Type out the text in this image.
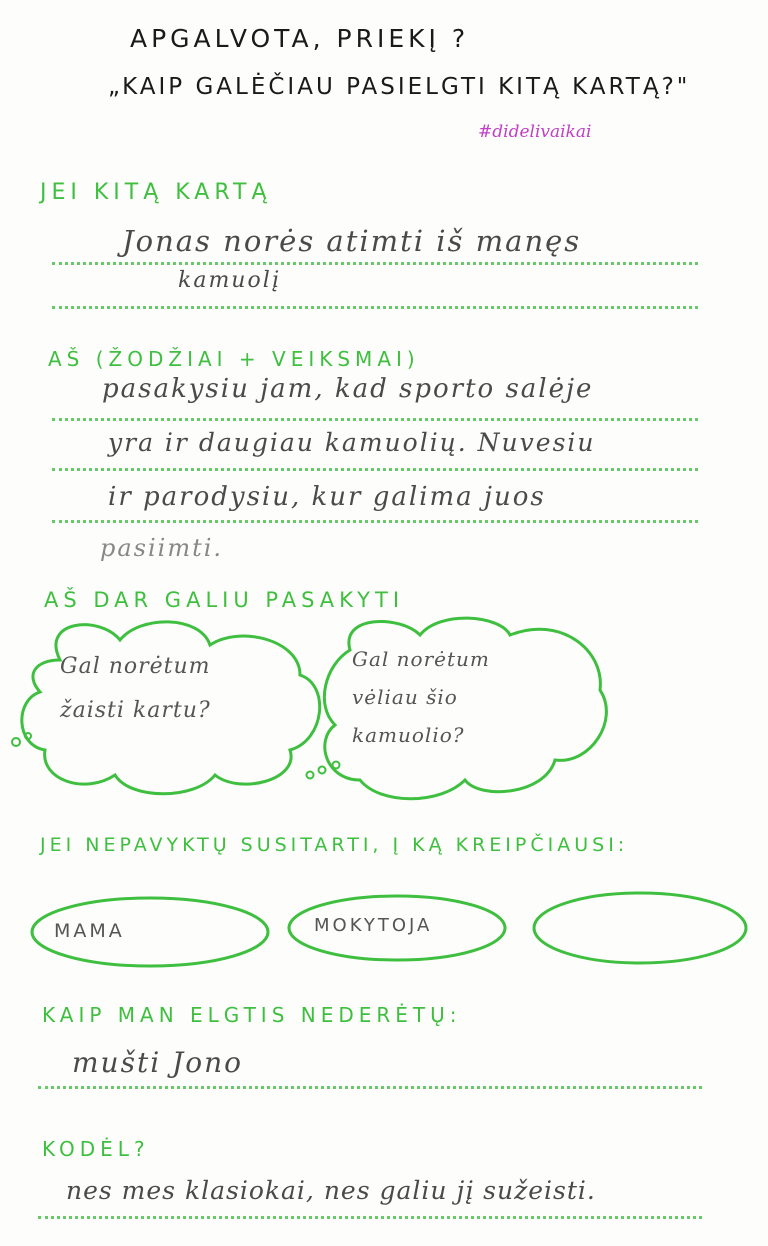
APGALVOTA, PRIEKĮ ?
„KAIP GALĖČIAU PASIELGTI KITĄ KARTĄ?"
#didelivaikai
JEI KITĄ KARTĄ
Jonas norės atimti iš manęs
kamuolį
AŠ (ŽODŽIAI + VEIKSMAI)
pasakysiu jam, kad sporto salėje
yra ir daugiau kamuolių. Nuvesiu
ir parodysiu, kur galima juos
pasiimti.
AŠ DAR GALIU PASAKYTI
Gal norėtum
žaisti kartu?
Gal norėtum
vėliau šio
kamuolio?
JEI NEPAVYKTŲ SUSITARTI, Į KĄ KREIPČIAUSI:
MAMA	MOKYTOJA
KAIP MAN ELGTIS NEDERĖTŲ:
mušti Jono
KODĖL?
nes mes klasiokai, nes galiu jį sužeisti.
